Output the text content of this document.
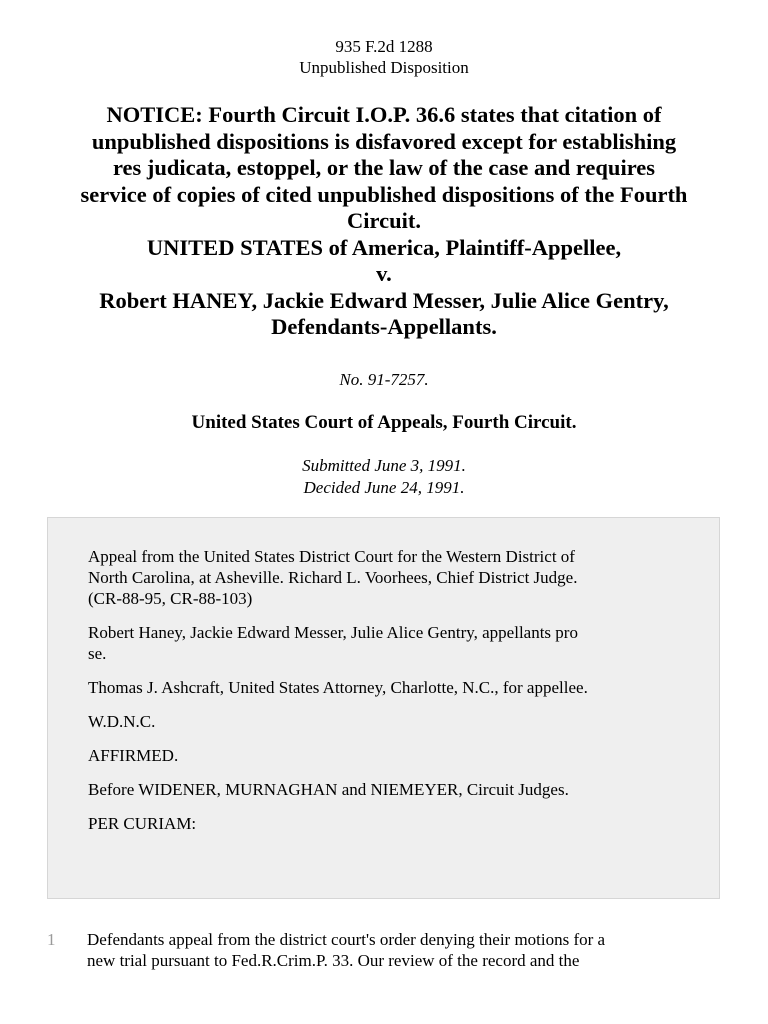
935 F.2d 1288
Unpublished Disposition
NOTICE: Fourth Circuit I.O.P. 36.6 states that citation of
unpublished dispositions is disfavored except for establishing
res judicata, estoppel, or the law of the case and requires
service of copies of cited unpublished dispositions of the Fourth
Circuit.
UNITED STATES of America, Plaintiff-Appellee,
v.
Robert HANEY, Jackie Edward Messer, Julie Alice Gentry,
Defendants-Appellants.
No. 91-7257.
United States Court of Appeals, Fourth Circuit.
Submitted June 3, 1991.
Decided June 24, 1991.

Appeal from the United States District Court for the Western District of
North Carolina, at Asheville. Richard L. Voorhees, Chief District Judge.
(CR-88-95, CR-88-103)

Robert Haney, Jackie Edward Messer, Julie Alice Gentry, appellants pro
se.

Thomas J. Ashcraft, United States Attorney, Charlotte, N.C., for appellee.

W.D.N.C.

AFFIRMED.

Before WIDENER, MURNAGHAN and NIEMEYER, Circuit Judges.

PER CURIAM:

1 Defendants appeal from the district court's order denying their motions for a
new trial pursuant to Fed.R.Crim.P. 33. Our review of the record and the
